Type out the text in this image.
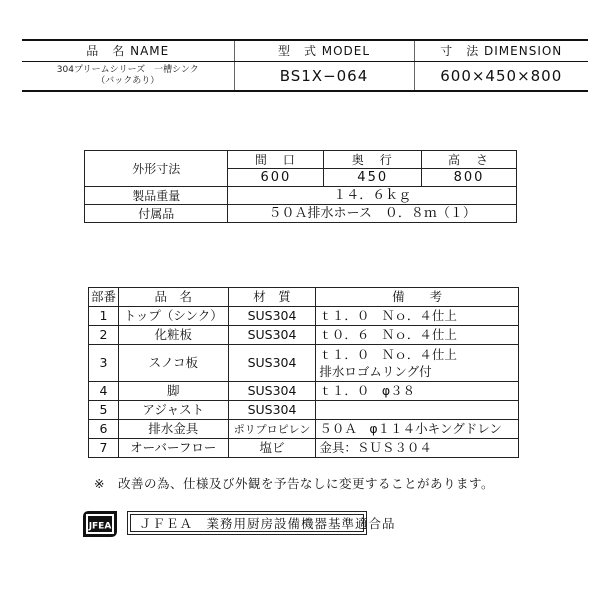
品　名 NAME	型　式 MODEL	寸　法 DIMENSION

304プリームシリーズ　一槽シンク
（バックあり）	BS1X−064	600×450×800
外形寸法	間　口	奥　行	高　さ
	600	450	800
製品重量	１４．６ｋｇ		
付属品	５０Ａ排水ホース　０．８ｍ（１）		
部番	品　名	材　質	備　　考
1	トップ（シンク）	SUS304	ｔ１．０　Ｎｏ．４仕上
2	化粧板	SUS304	ｔ０．６　Ｎｏ．４仕上
3	スノコ板	SUS304	ｔ１．０　Ｎｏ．４仕上
排水ロゴムリング付

4	脚	SUS304	ｔ１．０　φ３８
5	アジャスト	SUS304	
6	排水金具	ポリプロピレン	５０Ａ　φ１１４小キングドレン
7	オーバーフロー	塩ビ	金具：ＳＵＳ３０４
※　改善の為、仕様及び外観を予告なしに変更することがあります。
JFEA	ＪＦＥＡ　業務用厨房設備機器基準適合品
